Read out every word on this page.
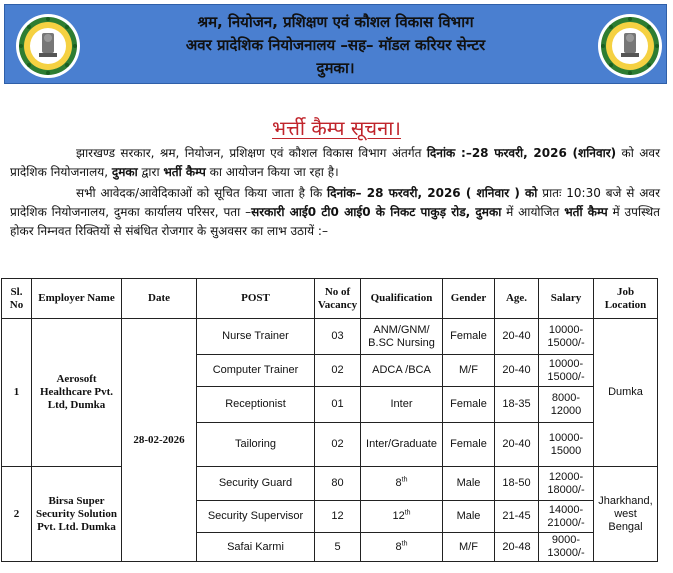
श्रम, नियोजन, प्रशिक्षण एवं कौशल विकास विभाग
अवर प्रादेशिक नियोजनालय –सह– मॉडल करियर सेन्टर
दुमका।
भर्त्ती कैम्प सूचना।
झारखण्ड सरकार, श्रम, नियोजन, प्रशिक्षण एवं कौशल विकास विभाग अंतर्गत दिनांक :–28 फरवरी, 2026 (शनिवार) को अवर प्रादेशिक नियोजनालय, दुमका द्वारा भर्ती कैम्प का आयोजन किया जा रहा है।
सभी आवेदक/आवेदिकाओं को सूचित किया जाता है कि दिनांक– 28 फरवरी, 2026 ( शनिवार ) को प्रातः 10:30 बजे से अवर प्रादेशिक नियोजनालय, दुमका कार्यालय परिसर, पता –सरकारी आई0 टी0 आई0 के निकट पाकुड़ रोड, दुमका में आयोजित भर्ती कैम्प में उपस्थित होकर निम्नवत रिक्तियों से संबंधित रोजगार के सुअवसर का लाभ उठायें :–
Sl. No	Employer Name	Date	POST	No of Vacancy	Qualification	Gender	Age.	Salary	Job Location
1	Aerosoft Healthcare Pvt. Ltd, Dumka	28-02-2026	Nurse Trainer	03	ANM/GNM/ B.SC Nursing	Female	20-40	10000-15000/-	Dumka
			Computer Trainer	02	ADCA /BCA	M/F	20-40	10000-15000/-	
			Receptionist	01	Inter	Female	18-35	8000-12000	
			Tailoring	02	Inter/Graduate	Female	20-40	10000-15000	
2	Birsa Super Security Solution Pvt. Ltd. Dumka		Security Guard	80	8th	Male	18-50	12000-18000/-	Jharkhand, west Bengal
			Security Supervisor	12	12th	Male	21-45	14000-21000/-	
			Safai Karmi	5	8th	M/F	20-48	9000-13000/-	
